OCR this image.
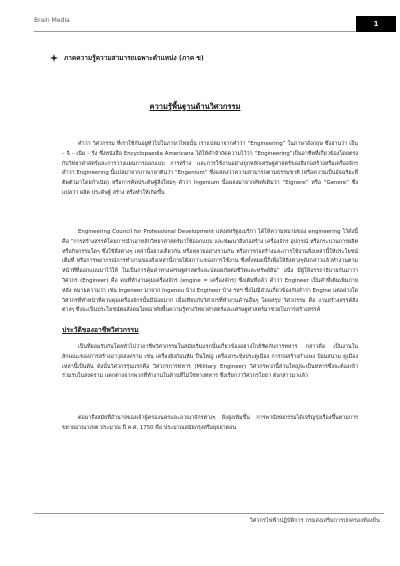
Brain Media	1
ภาคความรู้ความสามารถเฉพาะตำแหน่ง (ภาค ข)
ความรู้พื้นฐานด้านวิศวกรรม
คำว่า วิศวกรรม ที่เราใช้กันอยู่ทั่วไปในภาษาไทยนั้น เราแปลมาจากคำว่า “Engineering” ในภาษาอังกฤษ ซึ่งอ่านว่า เอ็น – จิ – เนีย – ริ่ง ซึ่งหนังสือ Encyclopaedia Americana ได้ให้คำจำกัดความไว้ว่า “Engineering”เป็นอาชีพที่เกี่ยวข้องโดยตรงกับวิทยาศาสตร์และการวางแผนการออกแบบ การสร้าง และการใช้งานอย่างถูกหลักเศรษฐศาสตร์ของสิ่งก่อสร้างหรือเครื่องจักร คำว่า Engineering นี้แปลมาจากภาษาลาตินว่า “Engenium” ซึ่งแสดงว่าความสามารถตามธรรมชาติ (หรือความเป็นอัจฉริยะที่ติดตัวมาโดยกำเนิด) หรือการคิดประดิษฐ์สิ่งใหม่ๆ คำว่า Ingenium นี้แผลงมาจากศัพท์เดิมว่า “Eignere” หรือ “Genere” ซึ่งแปลว่า ผลิต ประดิษฐ์ สร้าง หรือทำให้เกิดขึ้น
Engineering Council for Professional Development แห่งสหรัฐอเมริกา ได้ให้ความหมายของ engineering ไว้ดังนี้คือ “การสร้างสรรค์โดยการนำเอาหลักวิทยาศาสตร์มาใช้ออกแบบ และพัฒนาสิ่งก่อสร้าง เครื่องจักร อุปกรณ์ หรือกระบวนการผลิต หรือกิจกรรมใดๆ ซึ่งใช้สิ่งต่างๆ เหล่านี้อย่างเดียวกัน หรือหลายอย่างรวมกัน หรือการก่อสร้างและการใช้งานสิ่งเหล่านี้ให้ประโยชน์เต็มที่ หรือการพยากรณ์การทำงานของสิ่งเหล่านี้ภายใต้สภาวะของการใช้งาน ซึ่งทั้งหมดนี้ก็เพื่อให้สิ่งต่างๆดังกล่าวแล้วทำงานตามหน้าที่ที่ออกแบบมาไว้ให้ ในเป็นการคุ้มค่าทางเศรษฐศาสตร์และปลอดภัยต่อชีวิตและทรัพย์สิน” อนึ่ง มีผู้ให้อรรถาธิบายกันมาว่า วิศวกร (Engineer) คือ คนที่ทำงานคุมเครื่องจักร (engine = เครื่องจักร) ซึ่งเติมที่แล้ว คำว่า Engineer เป็นคำที่เติมเพิ่มภายหลัง หมายความว่า เช่น Ingeneer มาจาก Ingeneu บ้าง Engineor บ้าง ฯลฯ ซึ่งไม่มีส่วนเกี่ยวข้องกับคำว่า Engine แต่อย่างใด วิศวกรที่ทำหน้าที่ควบคุมเครื่องจักรนั้นมีน้อยมาก เมื่อเทียบกับวิศวกรที่ทำงานด้านอื่นๆ โดยสรุป วิศวกรรม คือ งานสร้างสรรค์สิ่งต่างๆ ซึ่งจะเป็นประโยชน์ต่อสังคมโดยอาศัยพื้นความรู้ทางวิทยาศาสตร์และเศรษฐศาสตร์มาช่วยในการสร้างสรรค์
ประวัติของอาชีพวิศวกรรม
เป็นที่ยอมรับกันโดยทั่วไปว่าอาชีพวิศวกรรมในสมัยเริ่มแรกนั้นเกี่ยวข้องอย่างใกล้ชิดกับการทหาร กล่าวคือ เป็นงานในลักษณะของการสร้างอาวุธสงคราม เช่น เครื่องยิงก้อนหิน ปืนใหญ่ เครื่องกระทุ้งประตูเมือง การก่อสร้างกำแพง ป้อมสนาม คูเมือง เหล่านี้เป็นต้น ดังนั้นวิศวกรรุ่นแรกคือ วิศวกรการทหาร (Military Engineer) วิศวกรพวกนี้ส่วนใหญ่จะเป็นทหารซึ่งจะต้องเข้าร่วมรบในสงคราม แตกต่างจากพวกที่ทำงานในด้านที่ไม่ใช่ทางทหาร ซึ่งเรียกว่าวิศวกรโยธา ดังกล่าวมาแล้ว
ต่อมาถึงสมัยที่อำนาจของเจ้าผู้ครองนครและอาณาจักรต่างๆ ยิ่งสูงเพิ่มขึ้น การพาณิชยกรรมได้เจริญรุ่งเรืองขึ้นตามการขยายอาณาเขต ประมาณ ปี ค.ศ. 1750 คือ ประมาณสมัยกรุงศรีอยุธยาตอน
วิศวกรไฟฟ้าปฏิบัติการ กรมส่งเสริมการปกครองท้องถิ่น
